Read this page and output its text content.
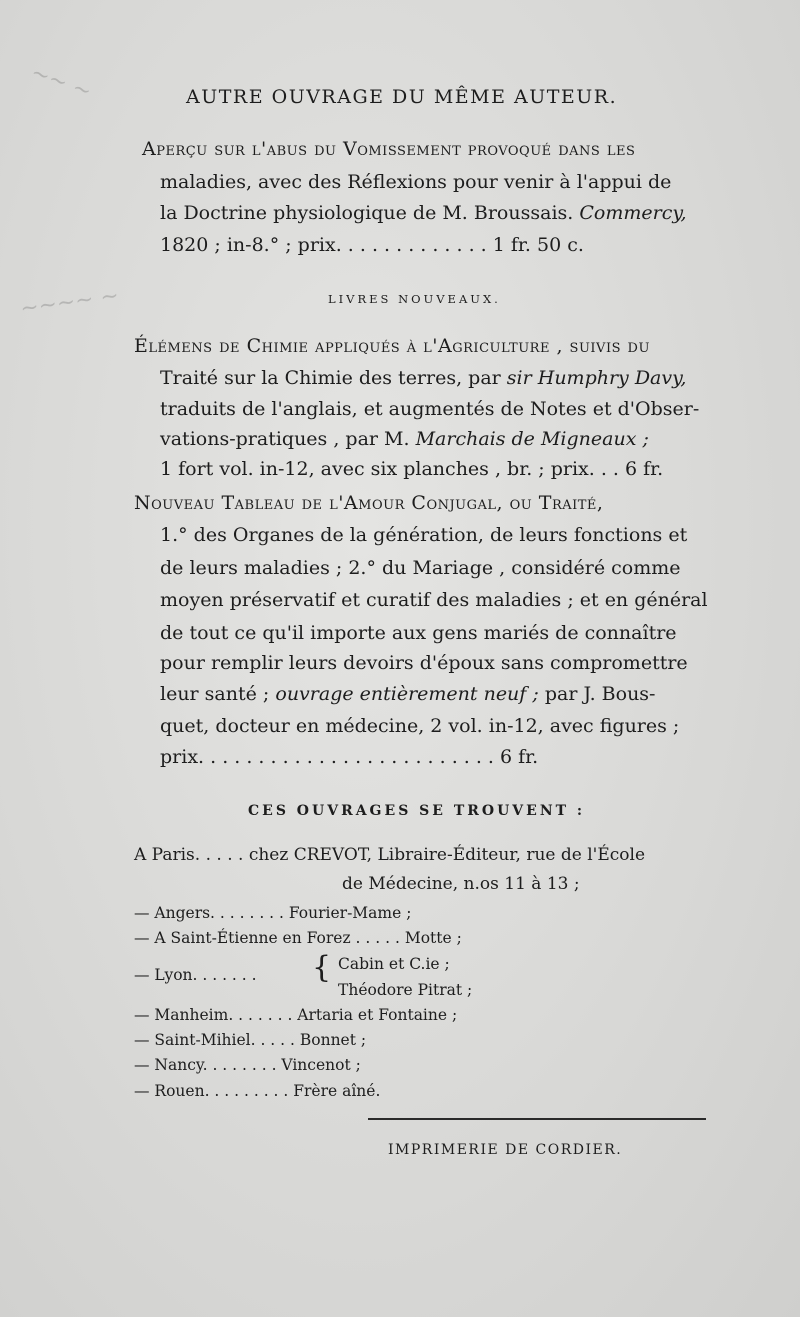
~~ ~
~~~~ ~
AUTRE OUVRAGE DU MÊME AUTEUR.
Aperçu sur l'abus du Vomissement provoqué dans les
maladies, avec des Réflexions pour venir à l'appui de
la Doctrine physiologique de M. Broussais. Commercy,
1820 ; in-8.° ; prix. . . . . . . . . . . . . 1 fr. 50 c.
LIVRES NOUVEAUX.
Élémens de Chimie appliqués à l'Agriculture , suivis du
Traité sur la Chimie des terres, par sir Humphry Davy,
traduits de l'anglais, et augmentés de Notes et d'Obser-
vations-pratiques , par M. Marchais de Migneaux ;
1 fort vol. in-12, avec six planches , br. ; prix. . . 6 fr.
Nouveau Tableau de l'Amour Conjugal, ou Traité,
1.° des Organes de la génération, de leurs fonctions et
de leurs maladies ; 2.° du Mariage , considéré comme
moyen préservatif et curatif des maladies ; et en général
de tout ce qu'il importe aux gens mariés de connaître
pour remplir leurs devoirs d'époux sans compromettre
leur santé ; ouvrage entièrement neuf ; par J. Bous-
quet, docteur en médecine, 2 vol. in-12, avec figures ;
prix. . . . . . . . . . . . . . . . . . . . . . . . . 6 fr.
CES OUVRAGES SE TROUVENT :
A Paris. . . . . chez CREVOT, Libraire-Éditeur, rue de l'École
de Médecine, n.os 11 à 13 ;
— Angers. . . . . . . . Fourier-Mame ;
— A Saint-Étienne en Forez . . . . . Motte ;
— Lyon. . . . . . . { Cabin et C.ie ;
Théodore Pitrat ;
— Manheim. . . . . . . Artaria et Fontaine ;
— Saint-Mihiel. . . . . Bonnet ;
— Nancy. . . . . . . . Vincenot ;
— Rouen. . . . . . . . . Frère aîné.
IMPRIMERIE DE CORDIER.
